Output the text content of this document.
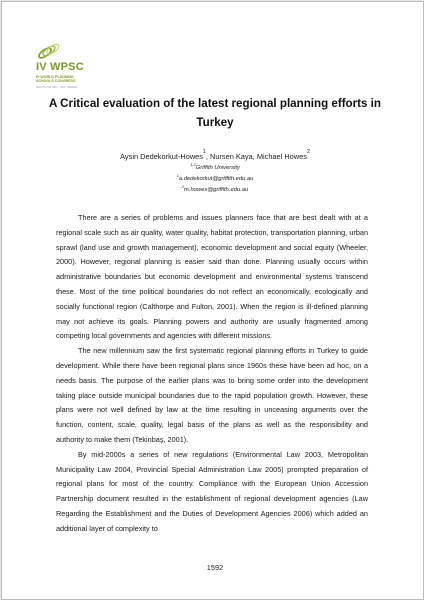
IV WPSC
IV WORLD PLANNING
SCHOOLS CONGRESS
SOUTH OF RIO · RIO, BRAZIL
A Critical evaluation of the latest regional planning efforts in Turkey
Aysin Dedekorkut-Howes$^1$, Nursen Kaya, Michael Howes$^2$
$^{1,2}$Griffith University
$^1$a.dedekorkut@griffith.edu.au
$^2$m.howes@griffith.edu.au

There are a series of problems and issues planners face that are best dealt with at a regional scale such as air quality, water quality, habitat protection, transportation planning, urban sprawl (land use and growth management), economic development and social equity (Wheeler, 2000). However, regional planning is easier said than done. Planning usually occurs within administrative boundaries but economic development and environmental systems transcend these. Most of the time political boundaries do not reflect an economically, ecologically and socially functional region (Calthorpe and Fulton, 2001). When the region is ill-defined planning may not achieve its goals. Planning powers and authority are usually fragmented among competing local governments and agencies with different missions.

The new millennium saw the first systematic regional planning efforts in Turkey to guide development. While there have been regional plans since 1960s these have been ad hoc, on a needs basis. The purpose of the earlier plans was to bring some order into the development taking place outside municipal boundaries due to the rapid population growth. However, these plans were not well defined by law at the time resulting in unceasing arguments over the function, content, scale, quality, legal basis of the plans as well as the responsibility and authority to make them (Tekinbaş, 2001).

By mid-2000s a series of new regulations (Environmental Law 2003, Metropolitan Municipality Law 2004, Provincial Special Administration Law 2005) prompted preparation of regional plans for most of the country. Compliance with the European Union Accession Partnership document resulted in the establishment of regional development agencies (Law Regarding the Establishment and the Duties of Development Agencies 2006) which added an additional layer of complexity to

1592
